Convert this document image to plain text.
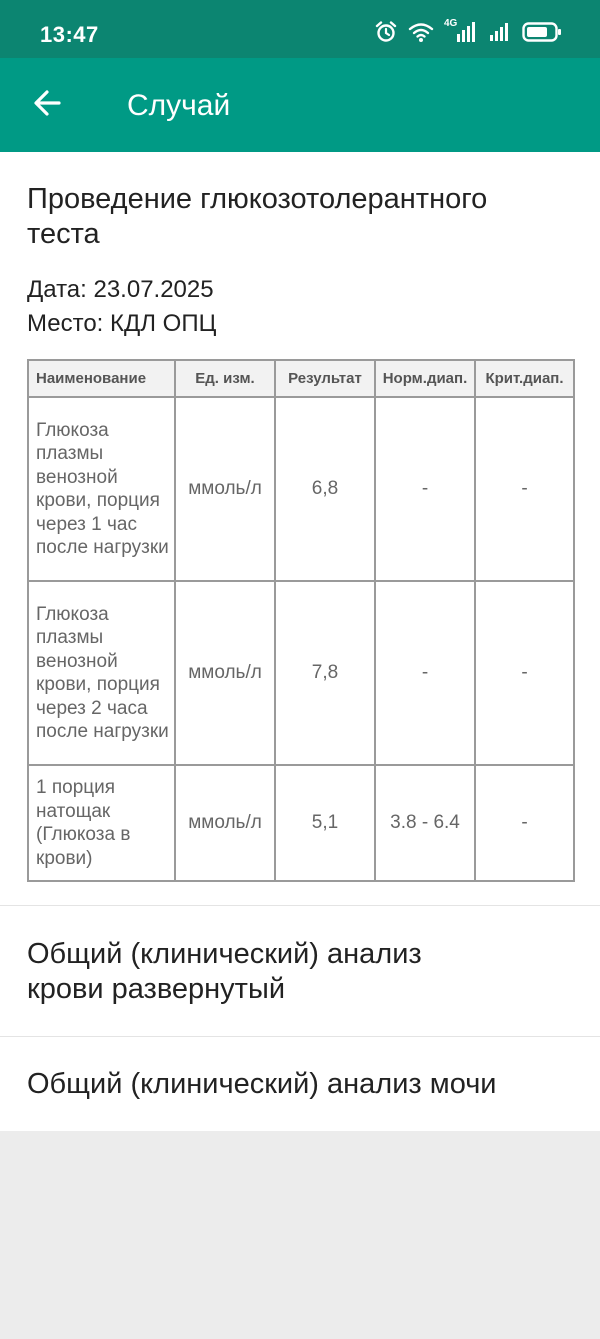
13:47	4G
Случай
Проведение глюкозотолерантного теста
Дата: 23.07.2025
Место: КДЛ ОПЦ
Наименование	Ед. изм.	Результат	Норм.диап.	Крит.диап.
Глюкоза плазмы венозной крови, порция через 1 час после нагрузки	ммоль/л	6,8	-	-
Глюкоза плазмы венозной крови, порция через 2 часа после нагрузки	ммоль/л	7,8	-	-
1 порция натощак (Глюкоза в крови)	ммоль/л	5,1	3.8 - 6.4	-
Общий (клинический) анализ крови развернутый
Общий (клинический) анализ мочи
